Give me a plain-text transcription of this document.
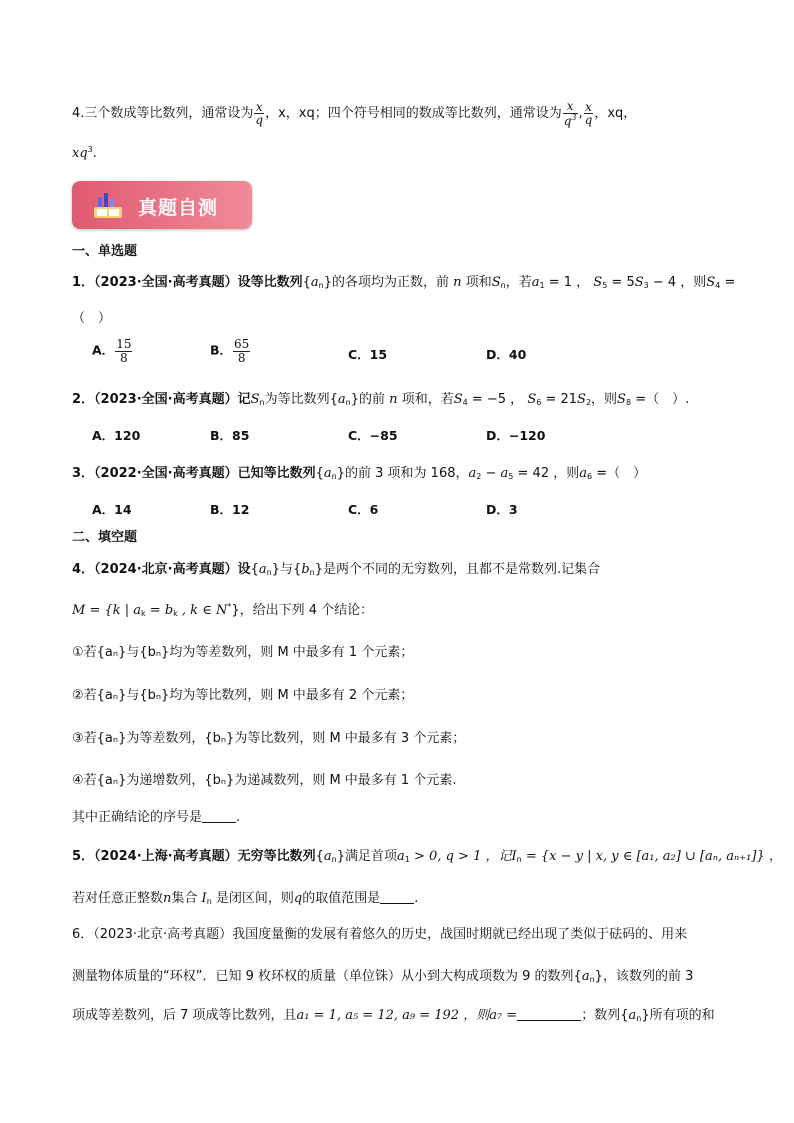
4.三个数成等比数列，通常设为 $\frac{x}{q}$ ，x，xq；四个符号相同的数成等比数列，通常设为 $\frac{x}{q^3}$ , $\frac{x}{q}$ ，xq，
$xq^3$.
真题自测
一、单选题
1．（2023·全国·高考真题）设等比数列$\{a_n\}$的各项均为正数，前 n 项和$S_n$，若$a_1 = 1$ ， $S_5 = 5S_3 - 4$ ，则$S_4$ =
（　）
A． $\frac{15}{8}$	B． $\frac{65}{8}$	C．15	D．40
2．（2023·全国·高考真题）记$S_n$为等比数列$\{a_n\}$的前 n 项和，若$S_4 = -5$ ， $S_6 = 21S_2$，则$S_8$ =（　）.
A．120	B．85	C．−85	D．−120
3．（2022·全国·高考真题）已知等比数列$\{a_n\}$的前 3 项和为 168，$a_2 - a_5 = 42$ ，则$a_6$ =（　）
A．14	B．12	C．6	D．3
二、填空题
4．（2024·北京·高考真题）设$\{a_n\}$与$\{b_n\}$是两个不同的无穷数列，且都不是常数列.记集合
M = {k | $a_k = b_k$ , k ∈ N*}，给出下列 4 个结论：
①若{aₙ}与{bₙ}均为等差数列，则 M 中最多有 1 个元素；
②若{aₙ}与{bₙ}均为等比数列，则 M 中最多有 2 个元素；
③若{aₙ}为等差数列，{bₙ}为等比数列，则 M 中最多有 3 个元素；
④若{aₙ}为递增数列，{bₙ}为递减数列，则 M 中最多有 1 个元素.
其中正确结论的序号是	.
5．（2024·上海·高考真题）无穷等比数列$\{a_n\}$满足首项$a_1 > 0$, q > 1 ，记$I_n = \{x - y$ | x, y ∈ [a₁, a₂] ∪ [aₙ, aₙ₊₁]} ，
若对任意正整数n集合 $I_n$ 是闭区间，则q的取值范围是	.
6．（2023·北京·高考真题）我国度量衡的发展有着悠久的历史，战国时期就已经出现了类似于砝码的、用来
测量物体质量的“环权”．已知 9 枚环权的质量（单位铢）从小到大构成项数为 9 的数列$\{a_n\}$，该数列的前 3
项成等差数列，后 7 项成等比数列，且a₁ = 1, a₅ = 12, a₉ = 192 ，则a₇ =	；数列$\{a_n\}$所有项的和
